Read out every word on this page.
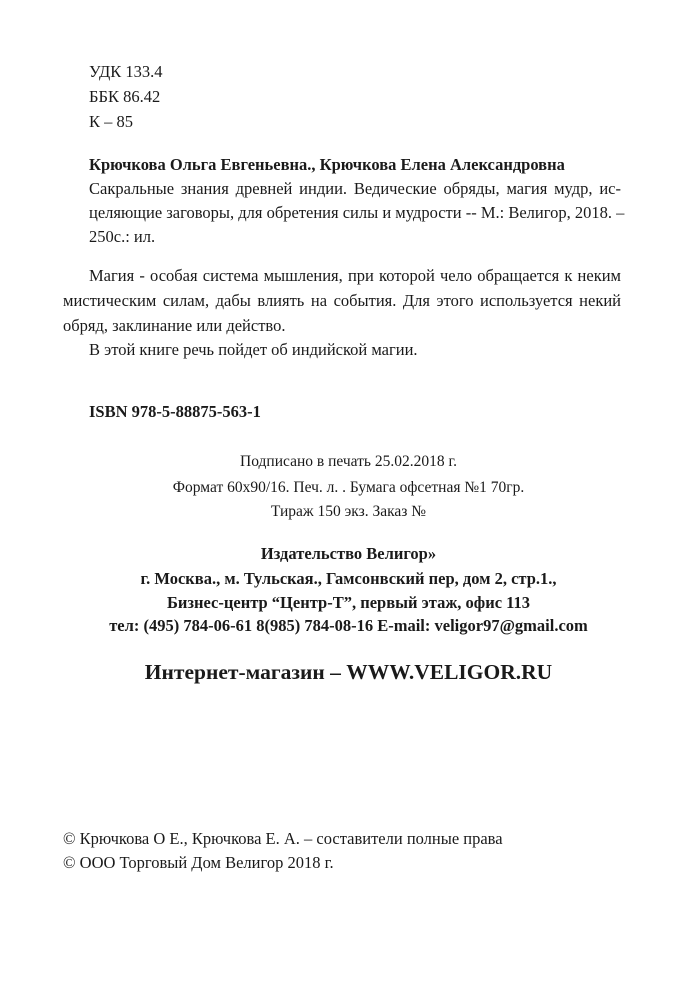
УДК 133.4
ББК 86.42
К – 85
Крючкова Ольга Евгеньевна., Крючкова Елена Александровна
Сакральные знания древней индии. Ведические обряды, магия мудр, ис-
целяющие заговоры, для обретения силы и мудрости -- М.: Велигор, 2018. –
250с.: ил.
Магия - особая система мышления, при которой чело обращается к неким
мистическим силам, дабы влиять на события. Для этого используется некий
обряд, заклинание или действо.
В этой книге речь пойдет об индийской магии.
ISBN 978-5-88875-563-1
Подписано в печать 25.02.2018 г.
Формат 60х90/16. Печ. л. . Бумага офсетная №1 70гр.
Тираж 150 экз. Заказ №
Издательство Велигор»
г. Москва., м. Тульская., Гамсонвский пер, дом 2, стр.1.,
Бизнес-центр “Центр-Т”, первый этаж, офис 113
тел: (495) 784-06-61 8(985) 784-08-16 E-mail: veligor97@gmail.com
Интернет-магазин – WWW.VELIGOR.RU
© Крючкова О Е., Крючкова Е. А. – составители полные права
© ООО Торговый Дом Велигор 2018 г.
